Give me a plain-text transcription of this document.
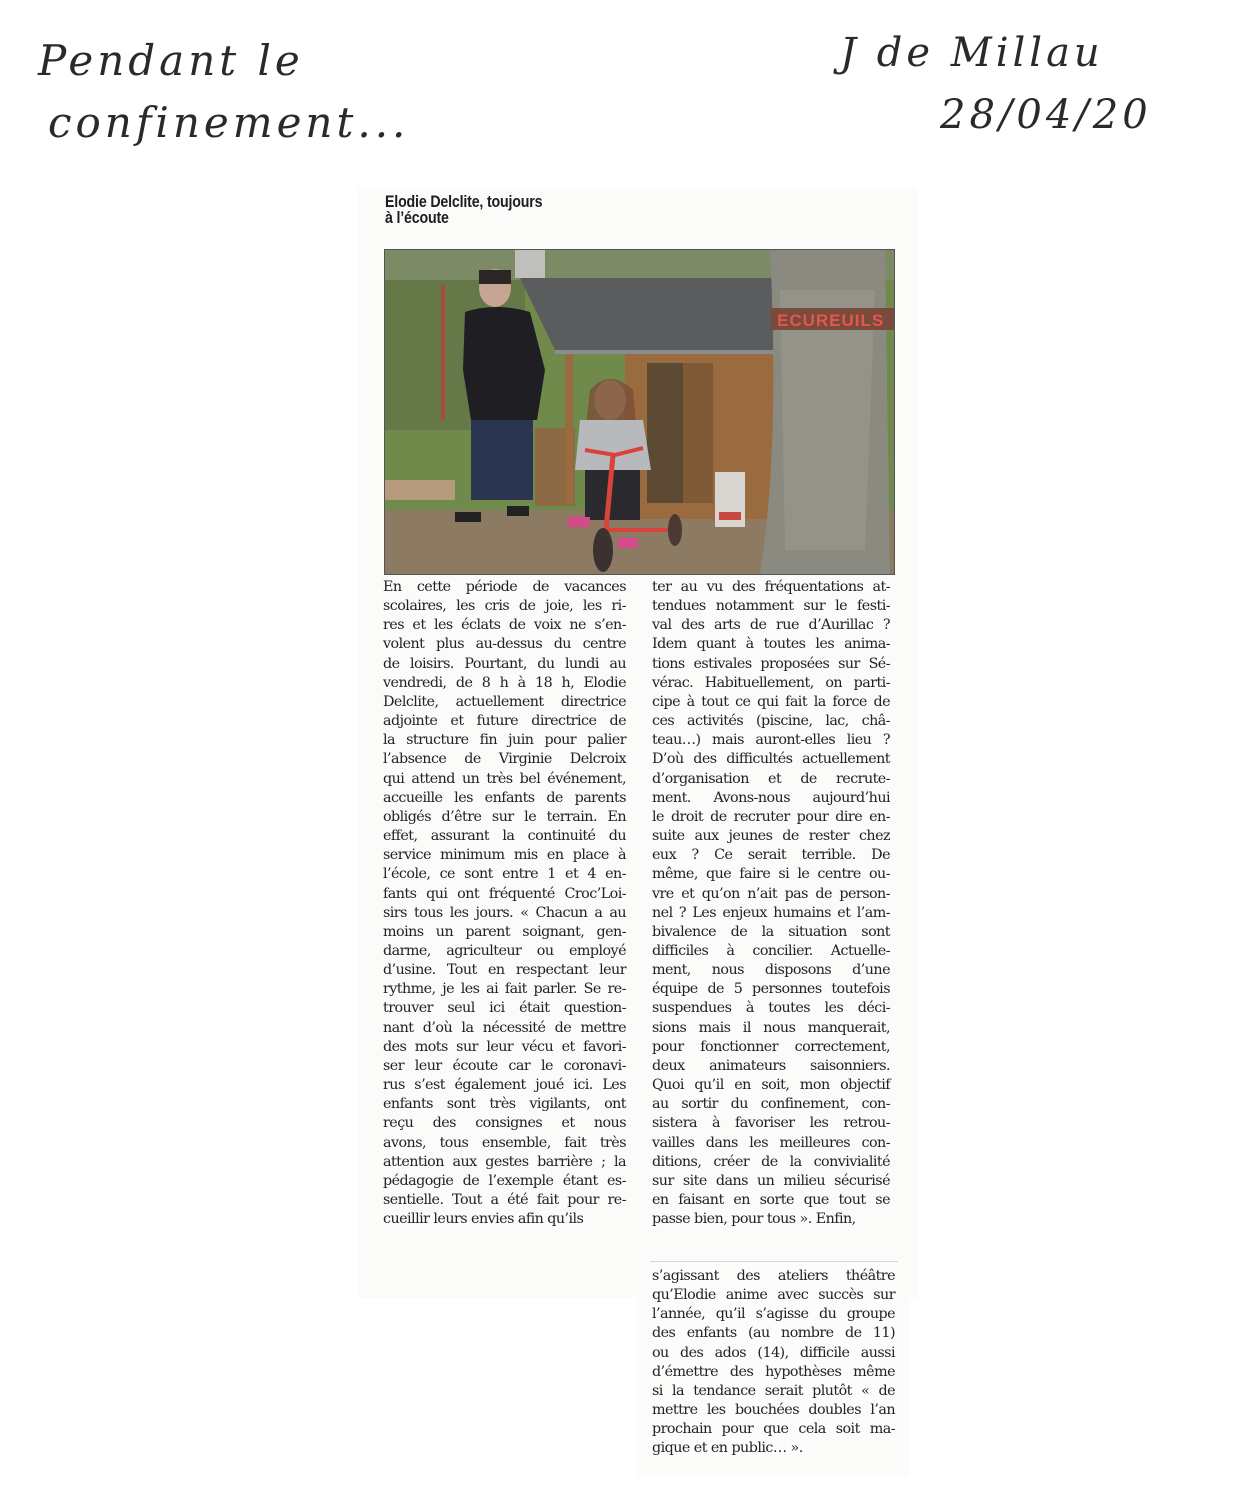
Pendant le
confinement...
J de Millau
28/04/20
Elodie Delclite, toujours
à l’écoute
ECUREUILS
En cette période de vacances
scolaires, les cris de joie, les ri-
res et les éclats de voix ne s’en-
volent plus au-dessus du centre
de loisirs. Pourtant, du lundi au
vendredi, de 8 h à 18 h, Elodie
Delclite, actuellement directrice
adjointe et future directrice de
la structure fin juin pour palier
l’absence de Virginie Delcroix
qui attend un très bel événement,
accueille les enfants de parents
obligés d’être sur le terrain. En
effet, assurant la continuité du
service minimum mis en place à
l’école, ce sont entre 1 et 4 en-
fants qui ont fréquenté Croc’Loi-
sirs tous les jours. « Chacun a au
moins un parent soignant, gen-
darme, agriculteur ou employé
d’usine. Tout en respectant leur
rythme, je les ai fait parler. Se re-
trouver seul ici était question-
nant d’où la nécessité de mettre
des mots sur leur vécu et favori-
ser leur écoute car le coronavi-
rus s’est également joué ici. Les
enfants sont très vigilants, ont
reçu des consignes et nous
avons, tous ensemble, fait très
attention aux gestes barrière ; la
pédagogie de l’exemple étant es-
sentielle. Tout a été fait pour re-
cueillir leurs envies afin qu’ils
ter au vu des fréquentations at-
tendues notamment sur le festi-
val des arts de rue d’Aurillac ?
Idem quant à toutes les anima-
tions estivales proposées sur Sé-
vérac. Habituellement, on parti-
cipe à tout ce qui fait la force de
ces activités (piscine, lac, châ-
teau…) mais auront-elles lieu ?
D’où des difficultés actuellement
d’organisation et de recrute-
ment. Avons-nous aujourd’hui
le droit de recruter pour dire en-
suite aux jeunes de rester chez
eux ? Ce serait terrible. De
même, que faire si le centre ou-
vre et qu’on n’ait pas de person-
nel ? Les enjeux humains et l’am-
bivalence de la situation sont
difficiles à concilier. Actuelle-
ment, nous disposons d’une
équipe de 5 personnes toutefois
suspendues à toutes les déci-
sions mais il nous manquerait,
pour fonctionner correctement,
deux animateurs saisonniers.
Quoi qu’il en soit, mon objectif
au sortir du confinement, con-
sistera à favoriser les retrou-
vailles dans les meilleures con-
ditions, créer de la convivialité
sur site dans un milieu sécurisé
en faisant en sorte que tout se
passe bien, pour tous ». Enfin,
s’agissant des ateliers théâtre
qu’Elodie anime avec succès sur
l’année, qu’il s’agisse du groupe
des enfants (au nombre de 11)
ou des ados (14), difficile aussi
d’émettre des hypothèses même
si la tendance serait plutôt « de
mettre les bouchées doubles l’an
prochain pour que cela soit ma-
gique et en public… ».
